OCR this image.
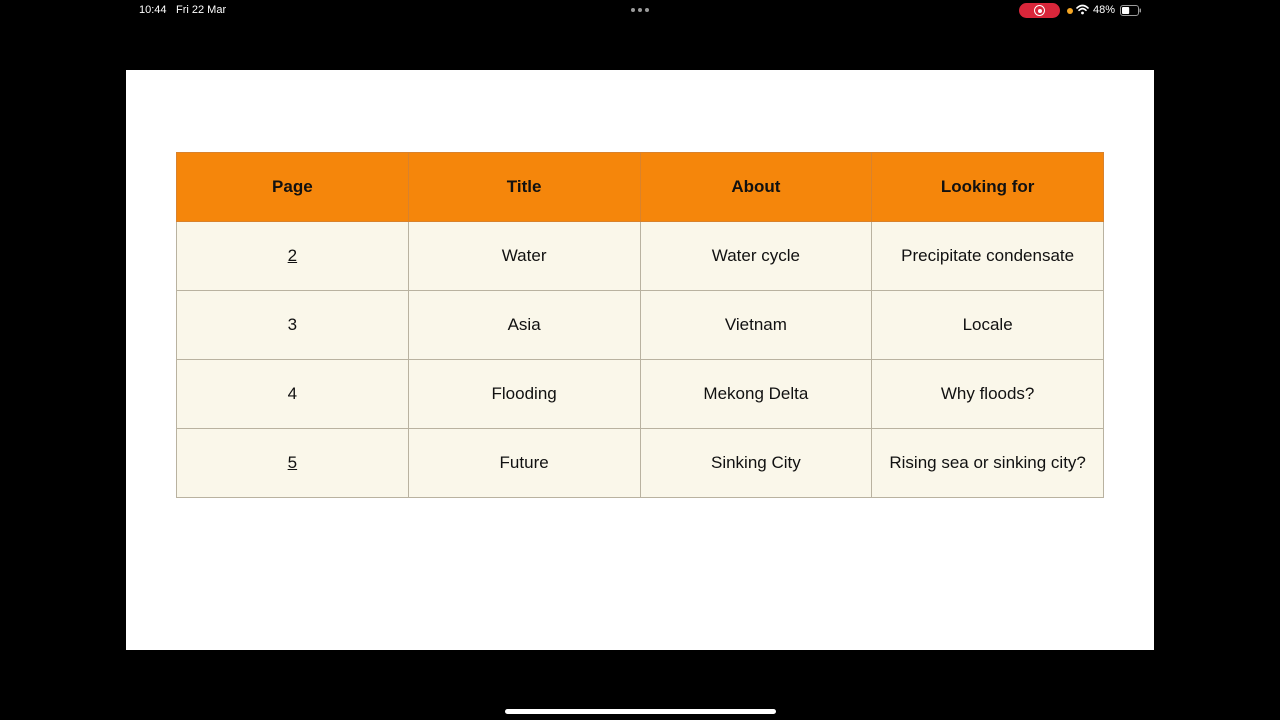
10:44 Fri 22 Mar	48%
Page	Title	About	Looking for
2	Water	Water cycle	Precipitate condensate
3	Asia	Vietnam	Locale
4	Flooding	Mekong Delta	Why floods?
5	Future	Sinking City	Rising sea or sinking city?
